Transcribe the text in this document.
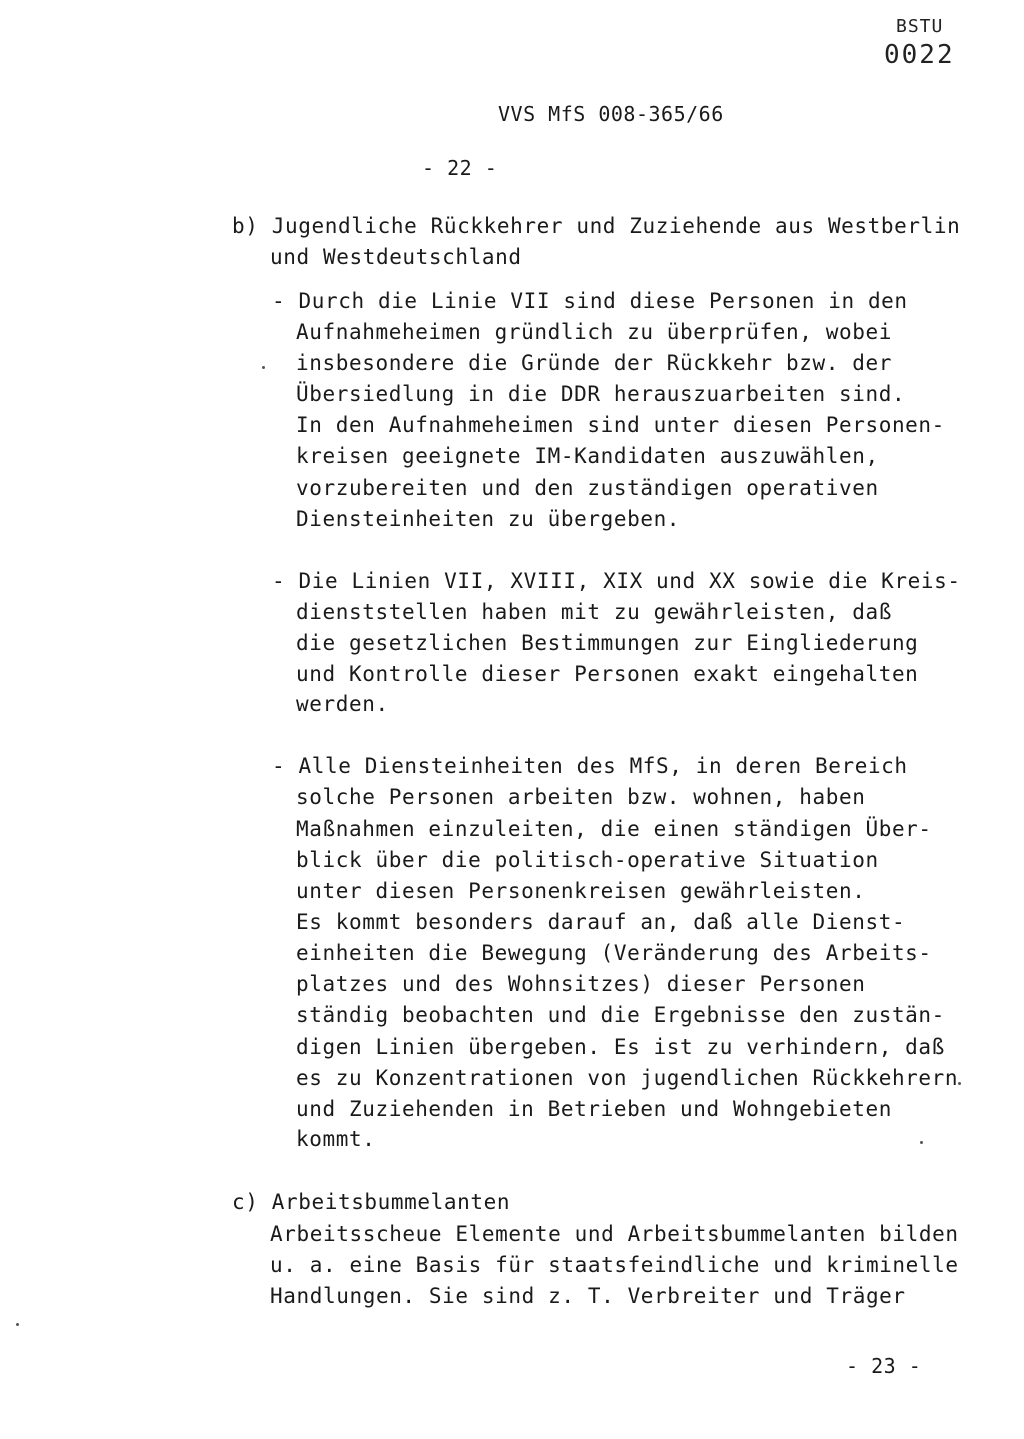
BSTU
0022
VVS MfS 008-365/66
- 22 -
b) Jugendliche Rückkehrer und Zuziehende aus Westberlin
und Westdeutschland
- Durch die Linie VII sind diese Personen in den
Aufnahmeheimen gründlich zu überprüfen, wobei
insbesondere die Gründe der Rückkehr bzw. der
Übersiedlung in die DDR herauszuarbeiten sind.
In den Aufnahmeheimen sind unter diesen Personen-
kreisen geeignete IM-Kandidaten auszuwählen,
vorzubereiten und den zuständigen operativen
Diensteinheiten zu übergeben.
- Die Linien VII, XVIII, XIX und XX sowie die Kreis-
dienststellen haben mit zu gewährleisten, daß
die gesetzlichen Bestimmungen zur Eingliederung
und Kontrolle dieser Personen exakt eingehalten
werden.
- Alle Diensteinheiten des MfS, in deren Bereich
solche Personen arbeiten bzw. wohnen, haben
Maßnahmen einzuleiten, die einen ständigen Über-
blick über die politisch-operative Situation
unter diesen Personenkreisen gewährleisten.
Es kommt besonders darauf an, daß alle Dienst-
einheiten die Bewegung (Veränderung des Arbeits-
platzes und des Wohnsitzes) dieser Personen
ständig beobachten und die Ergebnisse den zustän-
digen Linien übergeben. Es ist zu verhindern, daß
es zu Konzentrationen von jugendlichen Rückkehrern
und Zuziehenden in Betrieben und Wohngebieten
kommt.
c) Arbeitsbummelanten
Arbeitsscheue Elemente und Arbeitsbummelanten bilden
u. a. eine Basis für staatsfeindliche und kriminelle
Handlungen. Sie sind z. T. Verbreiter und Träger
- 23 -
